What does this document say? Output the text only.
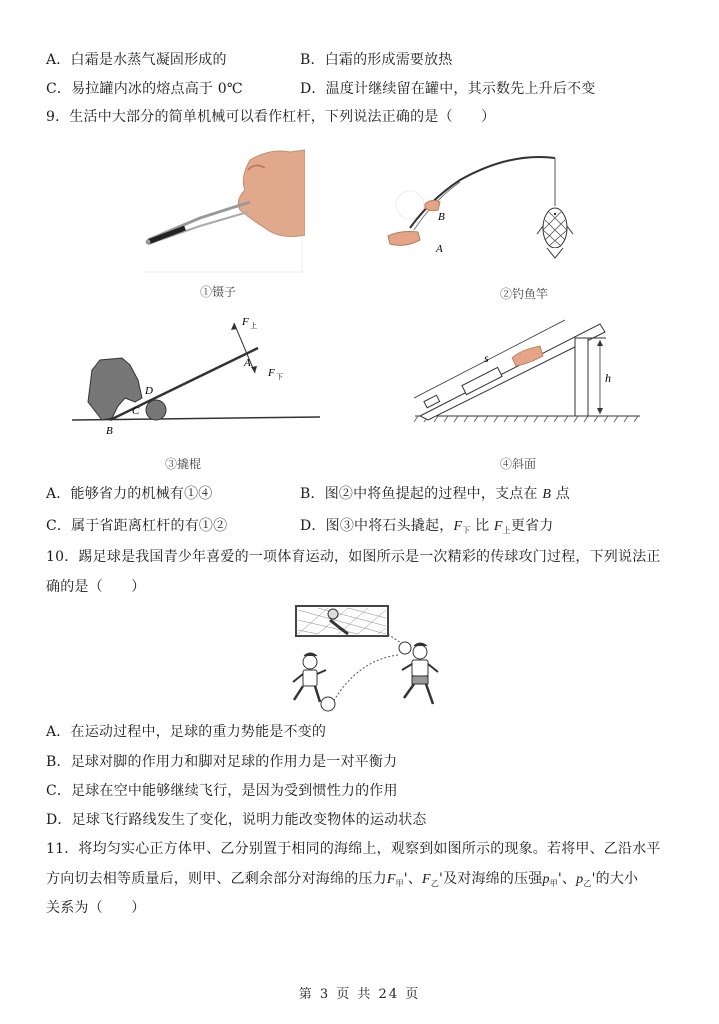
A．白霜是水蒸气凝固形成的	B．白霜的形成需要放热
C．易拉罐内冰的熔点高于 0℃	D．温度计继续留在罐中，其示数先上升后不变
9．生活中大部分的简单机械可以看作杠杆，下列说法正确的是（　　）
①镊子
B
A
②钓鱼竿
F 上
F 下
A
D
C
B
③撬棍
h
s
④斜面
A．能够省力的机械有①④	B．图②中将鱼提起的过程中，支点在 B 点
C．属于省距离杠杆的有①②	D．图③中将石头撬起，$F_下$ 比 $F_上$更省力
10．踢足球是我国青少年喜爱的一项体育运动，如图所示是一次精彩的传球攻门过程，下列说法正
确的是（　　）
A．在运动过程中，足球的重力势能是不变的
B．足球对脚的作用力和脚对足球的作用力是一对平衡力
C．足球在空中能够继续飞行，是因为受到惯性力的作用
D．足球飞行路线发生了变化，说明力能改变物体的运动状态
11．将均匀实心正方体甲、乙分别置于相同的海绵上，观察到如图所示的现象。若将甲、乙沿水平
方向切去相等质量后，则甲、乙剩余部分对海绵的压力$F_甲'$、$F_乙'$及对海绵的压强$p_甲'$、$p_乙'$的大小
关系为（　　）
第 3 页 共 24 页
